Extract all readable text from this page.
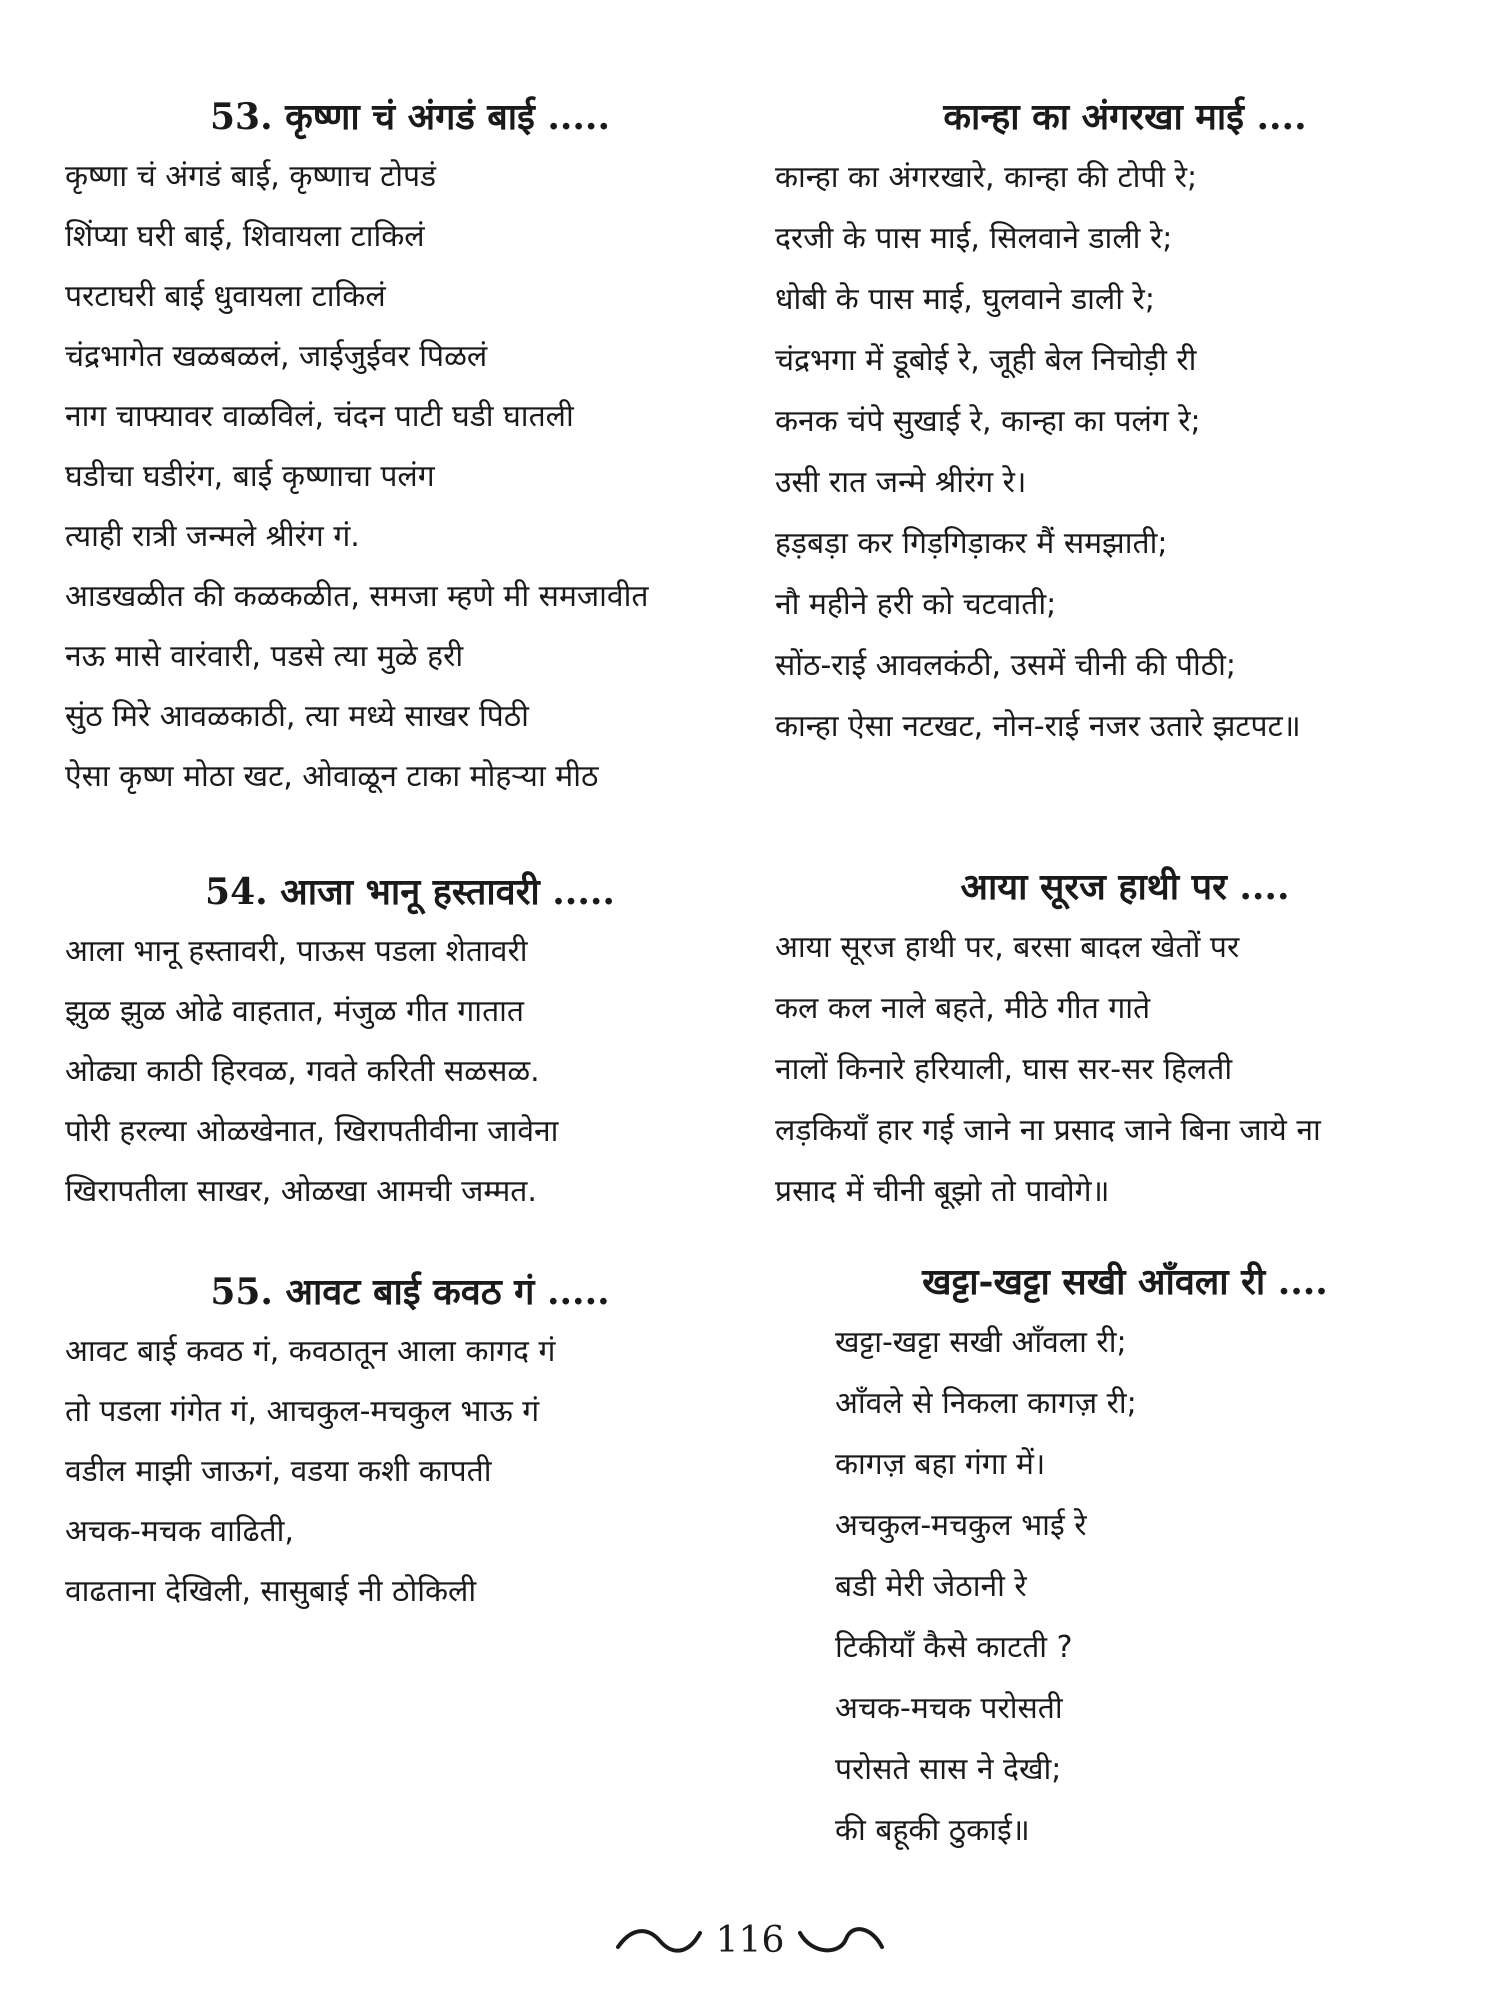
53. कृष्णा चं अंगडं बाई .....
कृष्णा चं अंगडं बाई, कृष्णाच टोपडं
शिंप्या घरी बाई, शिवायला टाकिलं
परटाघरी बाई धुवायला टाकिलं
चंद्रभागेत खळबळलं, जाईजुईवर पिळलं
नाग चाफ्यावर वाळविलं, चंदन पाटी घडी घातली
घडीचा घडीरंग, बाई कृष्णाचा पलंग
त्याही रात्री जन्मले श्रीरंग गं.
आडखळीत की कळकळीत, समजा म्हणे मी समजावीत
नऊ मासे वारंवारी, पडसे त्या मुळे हरी
सुंठ मिरे आवळकाठी, त्या मध्ये साखर पिठी
ऐसा कृष्ण मोठा खट, ओवाळून टाका मोहऱ्या मीठ
54. आजा भानू हस्तावरी .....
आला भानू हस्तावरी, पाऊस पडला शेतावरी
झुळ झुळ ओढे वाहतात, मंजुळ गीत गातात
ओढ्या काठी हिरवळ, गवते करिती सळसळ.
पोरी हरल्या ओळखेनात, खिरापतीवीना जावेना
खिरापतीला साखर, ओळखा आमची जम्मत.
55. आवट बाई कवठ गं .....
आवट बाई कवठ गं, कवठातून आला कागद गं
तो पडला गंगेत गं, आचकुल-मचकुल भाऊ गं
वडील माझी जाऊगं, वडया कशी कापती
अचक-मचक वाढिती,
वाढताना देखिली, सासुबाई नी ठोकिली
कान्हा का अंगरखा माई ....
कान्हा का अंगरखारे, कान्हा की टोपी रे;
दरजी के पास माई, सिलवाने डाली रे;
धोबी के पास माई, घुलवाने डाली रे;
चंद्रभगा में डूबोई रे, जूही बेल निचोड़ी री
कनक चंपे सुखाई रे, कान्हा का पलंग रे;
उसी रात जन्मे श्रीरंग रे।
हड़बड़ा कर गिड़गिड़ाकर मैं समझाती;
नौ महीने हरी को चटवाती;
सोंठ-राई आवलकंठी, उसमें चीनी की पीठी;
कान्हा ऐसा नटखट, नोन-राई नजर उतारे झटपट॥
आया सूरज हाथी पर ....
आया सूरज हाथी पर, बरसा बादल खेतों पर
कल कल नाले बहते, मीठे गीत गाते
नालों किनारे हरियाली, घास सर-सर हिलती
लड़कियाँ हार गई जाने ना प्रसाद जाने बिना जाये ना
प्रसाद में चीनी बूझो तो पावोगे॥
खट्टा-खट्टा सखी आँवला री ....
खट्टा-खट्टा सखी आँवला री;
आँवले से निकला कागज़ री;
कागज़ बहा गंगा में।
अचकुल-मचकुल भाई रे
बडी मेरी जेठानी रे
टिकीयाँ कैसे काटती ?
अचक-मचक परोसती
परोसते सास ने देखी;
की बहूकी ठुकाई॥
116
